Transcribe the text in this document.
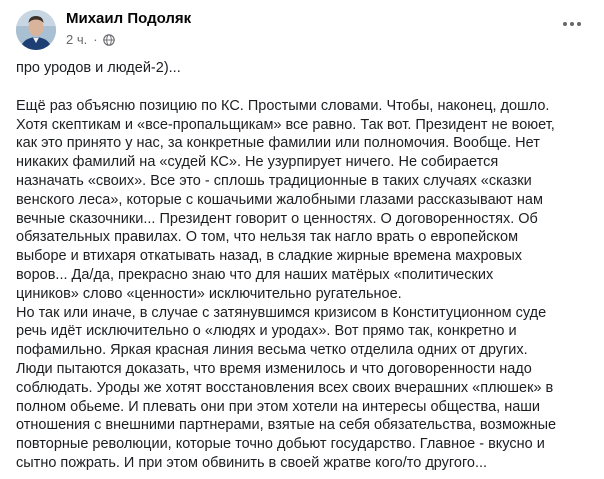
Михаил Подоляк
2 ч. ·

про уродов и людей-2)...

Ещё раз объясню позицию по КС. Простыми словами. Чтобы, наконец, дошло.

Хотя скептикам и «все-пропальщикам» все равно. Так вот. Президент не воюет,

как это принято у нас, за конкретные фамилии или полномочия. Вообще. Нет

никаких фамилий на «судей КС». Не узурпирует ничего. Не собирается

назначать «своих». Все это - сплошь традиционные в таких случаях «сказки

венского леса», которые с кошачьими жалобными глазами рассказывают нам

вечные сказочники... Президент говорит о ценностях. О договоренностях. Об

обязательных правилах. О том, что нельзя так нагло врать о европейском

выборе и втихаря откатывать назад, в сладкие жирные времена махровых

воров... Да/да, прекрасно знаю что для наших матёрых «политических

циников» слово «ценности» исключительно ругательное.

Но так или иначе, в случае с затянувшимся кризисом в Конституционном суде

речь идёт исключительно о «людях и уродах». Вот прямо так, конкретно и

пофамильно. Яркая красная линия весьма четко отделила одних от других.

Люди пытаются доказать, что время изменилось и что договоренности надо

соблюдать. Уроды же хотят восстановления всех своих вчерашних «плюшек» в

полном обьеме. И плевать они при этом хотели на интересы общества, наши

отношения с внешними партнерами, взятые на себя обязательства, возможные

повторные революции, которые точно добьют государство. Главное - вкусно и

сытно пожрать. И при этом обвинить в своей жратве кого/то другого...
